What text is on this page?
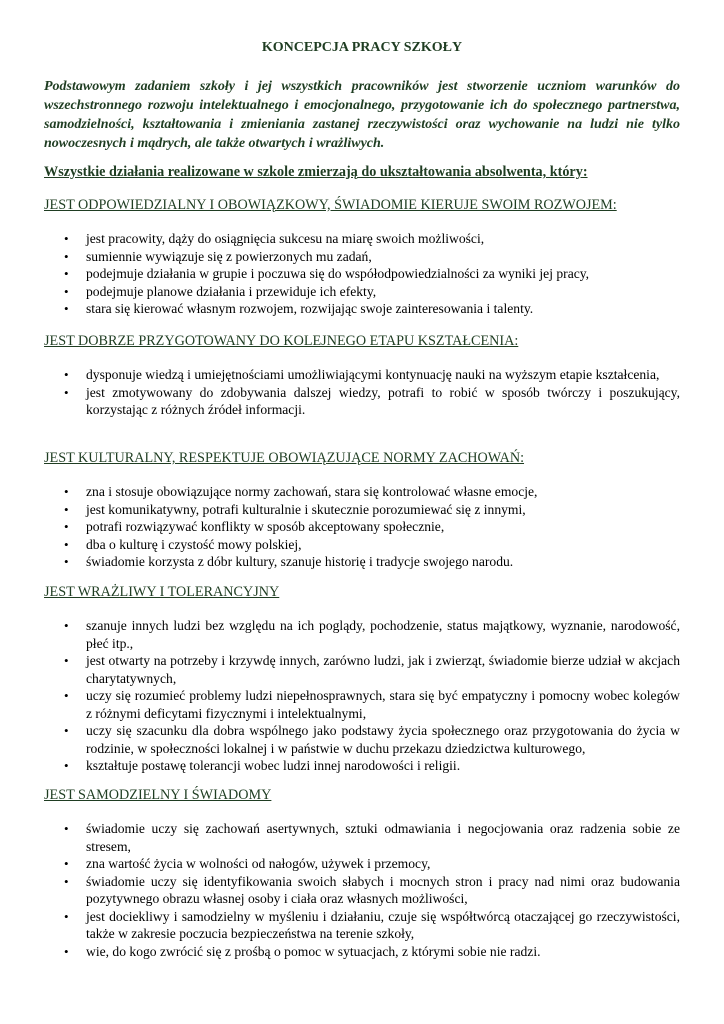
KONCEPCJA PRACY SZKOŁY
Podstawowym zadaniem szkoły i jej wszystkich pracowników jest stworzenie uczniom warunków do wszechstronnego rozwoju intelektualnego i emocjonalnego, przygotowanie ich do społecznego partnerstwa, samodzielności, kształtowania i zmieniania zastanej rzeczywistości oraz wychowanie na ludzi nie tylko nowoczesnych i mądrych, ale także otwartych i wrażliwych.
Wszystkie działania realizowane w szkole zmierzają do ukształtowania absolwenta, który:
JEST ODPOWIEDZIALNY I OBOWIĄZKOWY, ŚWIADOMIE KIERUJE SWOIM ROZWOJEM:
• jest pracowity, dąży do osiągnięcia sukcesu na miarę swoich możliwości,
• sumiennie wywiązuje się z powierzonych mu zadań,
• podejmuje działania w grupie i poczuwa się do współodpowiedzialności za wyniki jej pracy,
• podejmuje planowe działania i przewiduje ich efekty,
• stara się kierować własnym rozwojem, rozwijając swoje zainteresowania i talenty.
JEST DOBRZE PRZYGOTOWANY DO KOLEJNEGO ETAPU KSZTAŁCENIA:
• dysponuje wiedzą i umiejętnościami umożliwiającymi kontynuację nauki na wyższym etapie kształcenia,
• jest zmotywowany do zdobywania dalszej wiedzy, potrafi to robić w sposób twórczy i poszukujący, korzystając z różnych źródeł informacji.
JEST KULTURALNY, RESPEKTUJE OBOWIĄZUJĄCE NORMY ZACHOWAŃ:
• zna i stosuje obowiązujące normy zachowań, stara się kontrolować własne emocje,
• jest komunikatywny, potrafi kulturalnie i skutecznie porozumiewać się z innymi,
• potrafi rozwiązywać konflikty w sposób akceptowany społecznie,
• dba o kulturę i czystość mowy polskiej,
• świadomie korzysta z dóbr kultury, szanuje historię i tradycje swojego narodu.
JEST WRAŻLIWY I TOLERANCYJNY
• szanuje innych ludzi bez względu na ich poglądy, pochodzenie, status majątkowy, wyznanie, narodowość, płeć itp.,
• jest otwarty na potrzeby i krzywdę innych, zarówno ludzi, jak i zwierząt, świadomie bierze udział w akcjach charytatywnych,
• uczy się rozumieć problemy ludzi niepełnosprawnych, stara się być empatyczny i pomocny wobec kolegów z różnymi deficytami fizycznymi i intelektualnymi,
• uczy się szacunku dla dobra wspólnego jako podstawy życia społecznego oraz przygotowania do życia w rodzinie, w społeczności lokalnej i w państwie w duchu przekazu dziedzictwa kulturowego,
• kształtuje postawę tolerancji wobec ludzi innej narodowości i religii.
JEST SAMODZIELNY I ŚWIADOMY
• świadomie uczy się zachowań asertywnych, sztuki odmawiania i negocjowania oraz radzenia sobie ze stresem,
• zna wartość życia w wolności od nałogów, używek i przemocy,
• świadomie uczy się identyfikowania swoich słabych i mocnych stron i pracy nad nimi oraz budowania pozytywnego obrazu własnej osoby i ciała oraz własnych możliwości,
• jest dociekliwy i samodzielny w myśleniu i działaniu, czuje się współtwórcą otaczającej go rzeczywistości, także w zakresie poczucia bezpieczeństwa na terenie szkoły,
• wie, do kogo zwrócić się z prośbą o pomoc w sytuacjach, z którymi sobie nie radzi.
